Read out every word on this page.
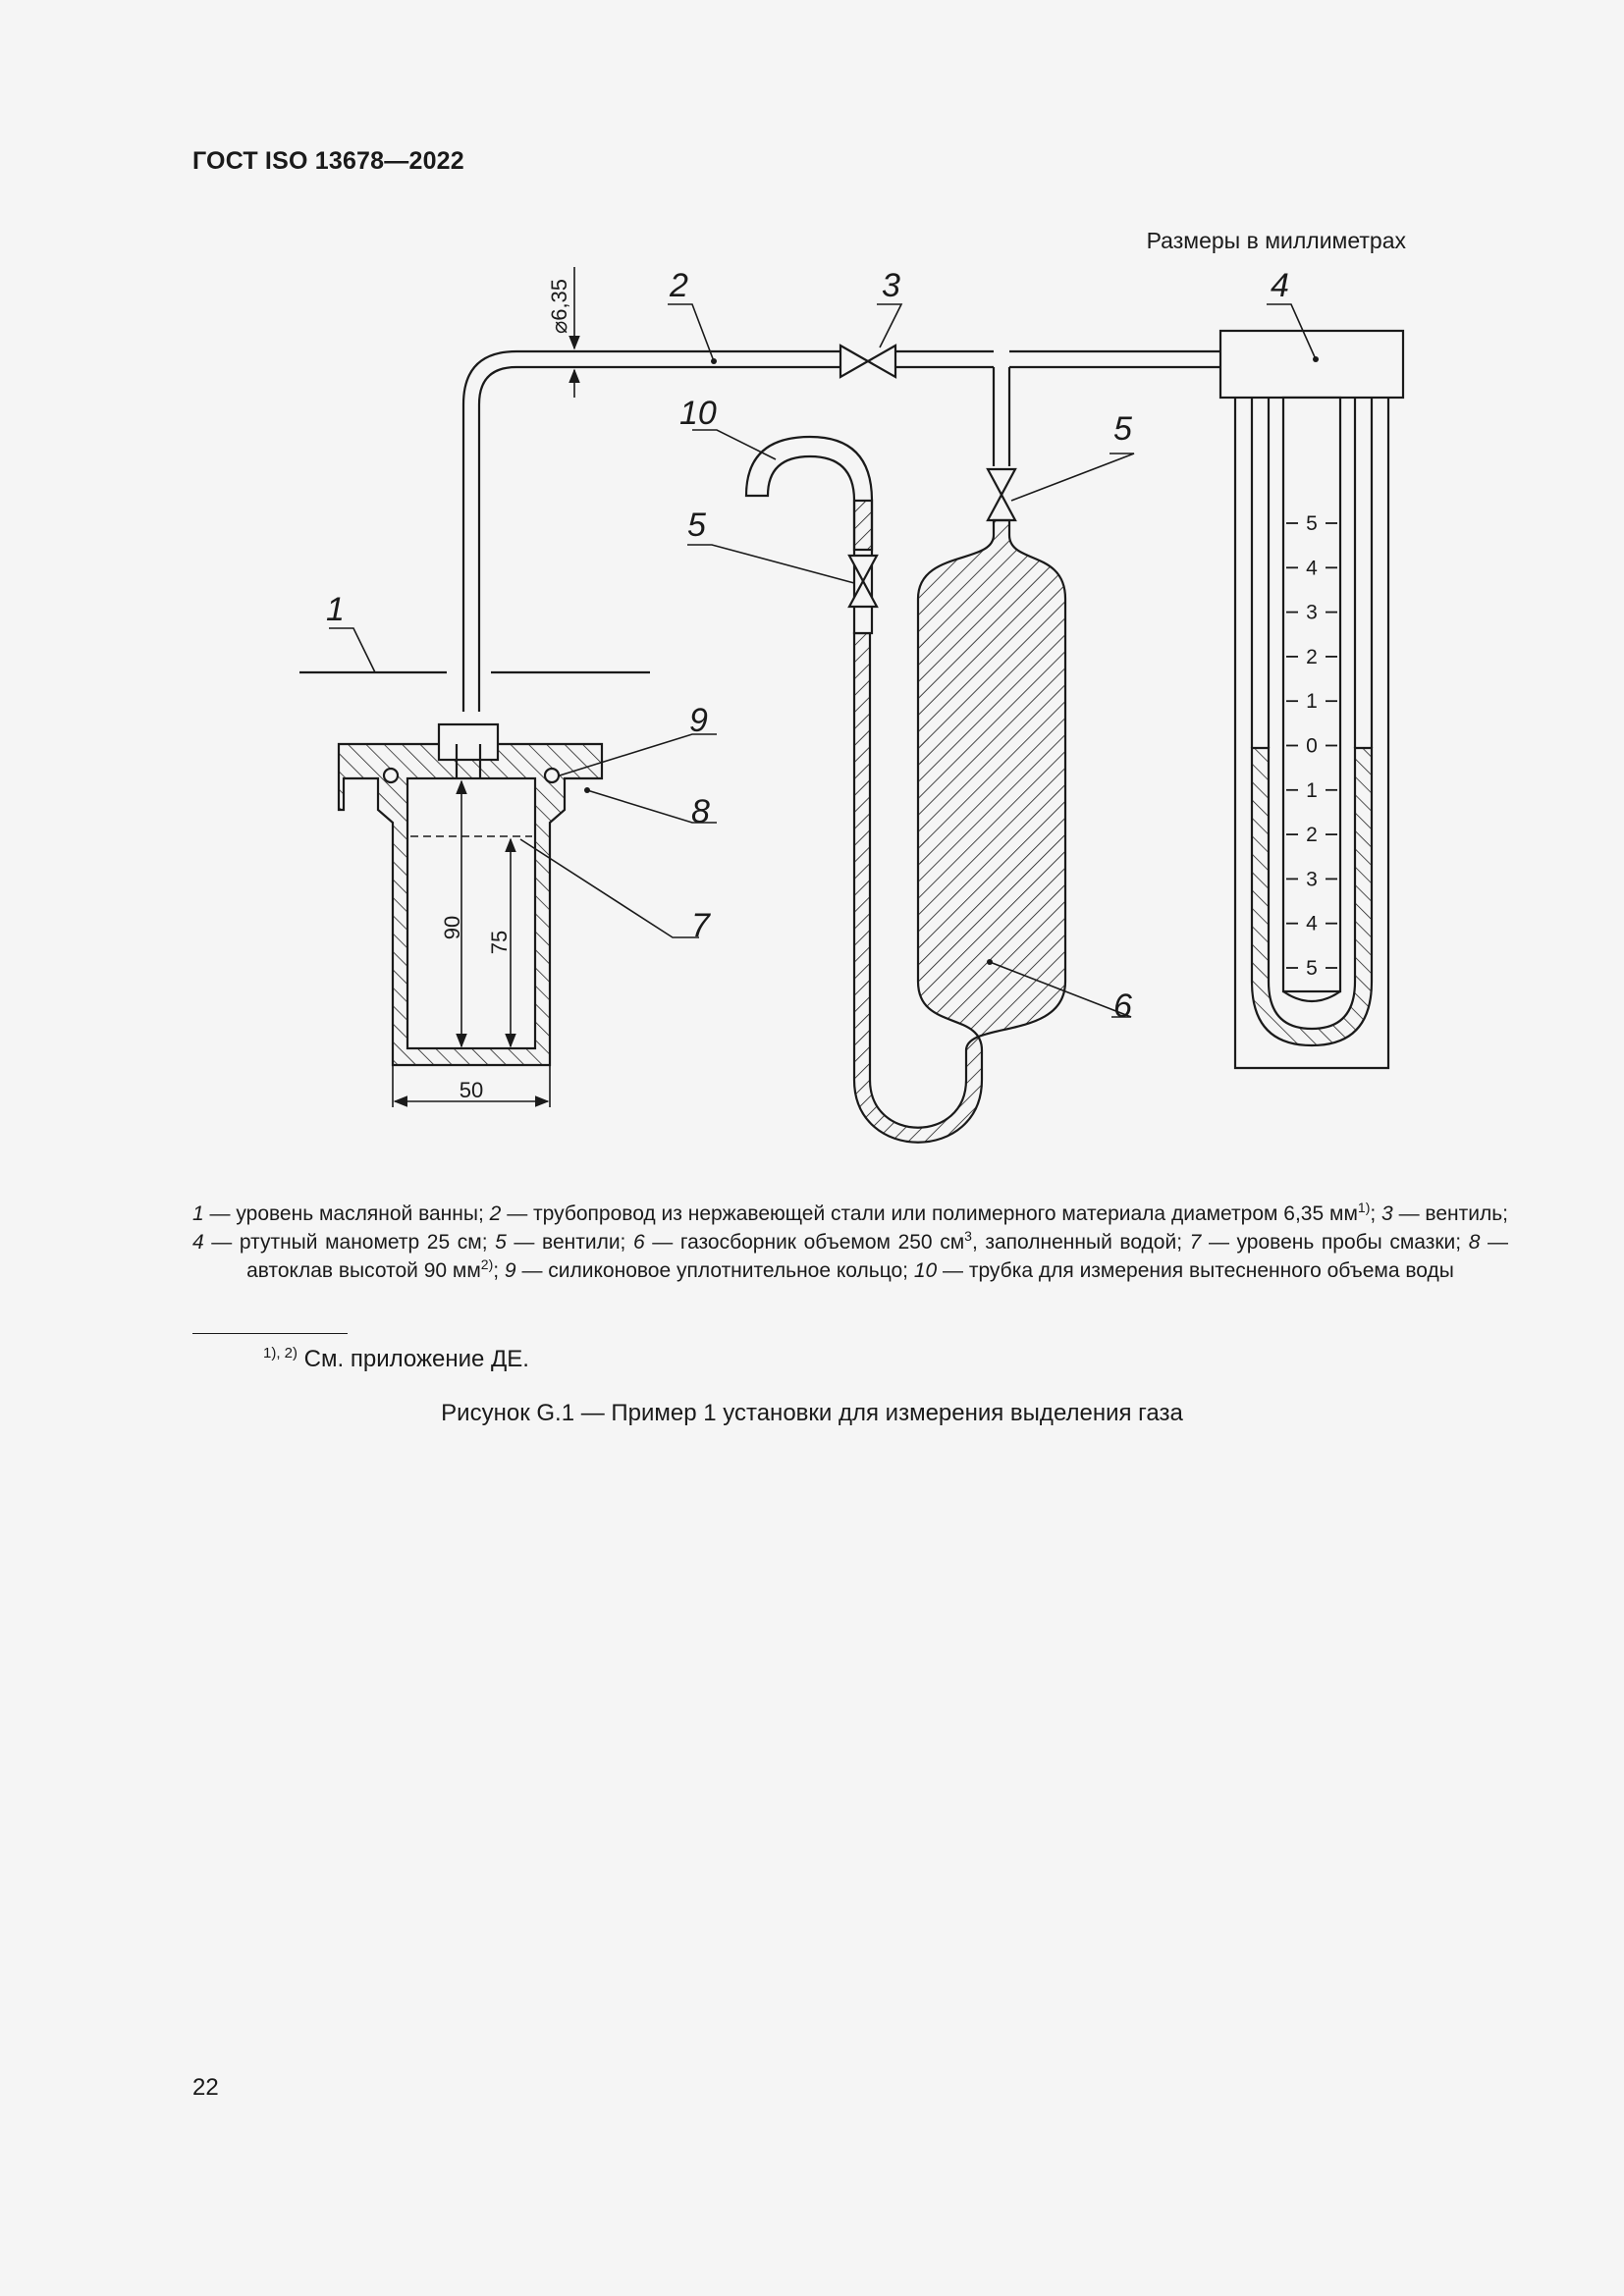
ГОСТ ISO 13678—2022
Размеры в миллиметрах
90
75
50
⌀6,35
5
4
3
2
1
0
1
2
3
4
5
1
2	3	4
5
5
6
7
8
9
10
1 — уровень масляной ванны; 2 — трубопровод из нержавеющей стали или полимерного материала диаметром 6,35 $мм^{1)}$; 3 — вентиль; 4 — ртутный манометр 25 см; 5 — вентили; 6 — газосборник объемом 250 $см^3$, заполненный водой; 7 — уровень пробы смазки; 8 — автоклав высотой 90 $мм^{2)}$; 9 — силиконовое уплотнительное кольцо; 10 — трубка для измерения вытесненного объема воды
$^{1), 2)}$ См. приложение ДЕ.
Рисунок G.1 — Пример 1 установки для измерения выделения газа
22
